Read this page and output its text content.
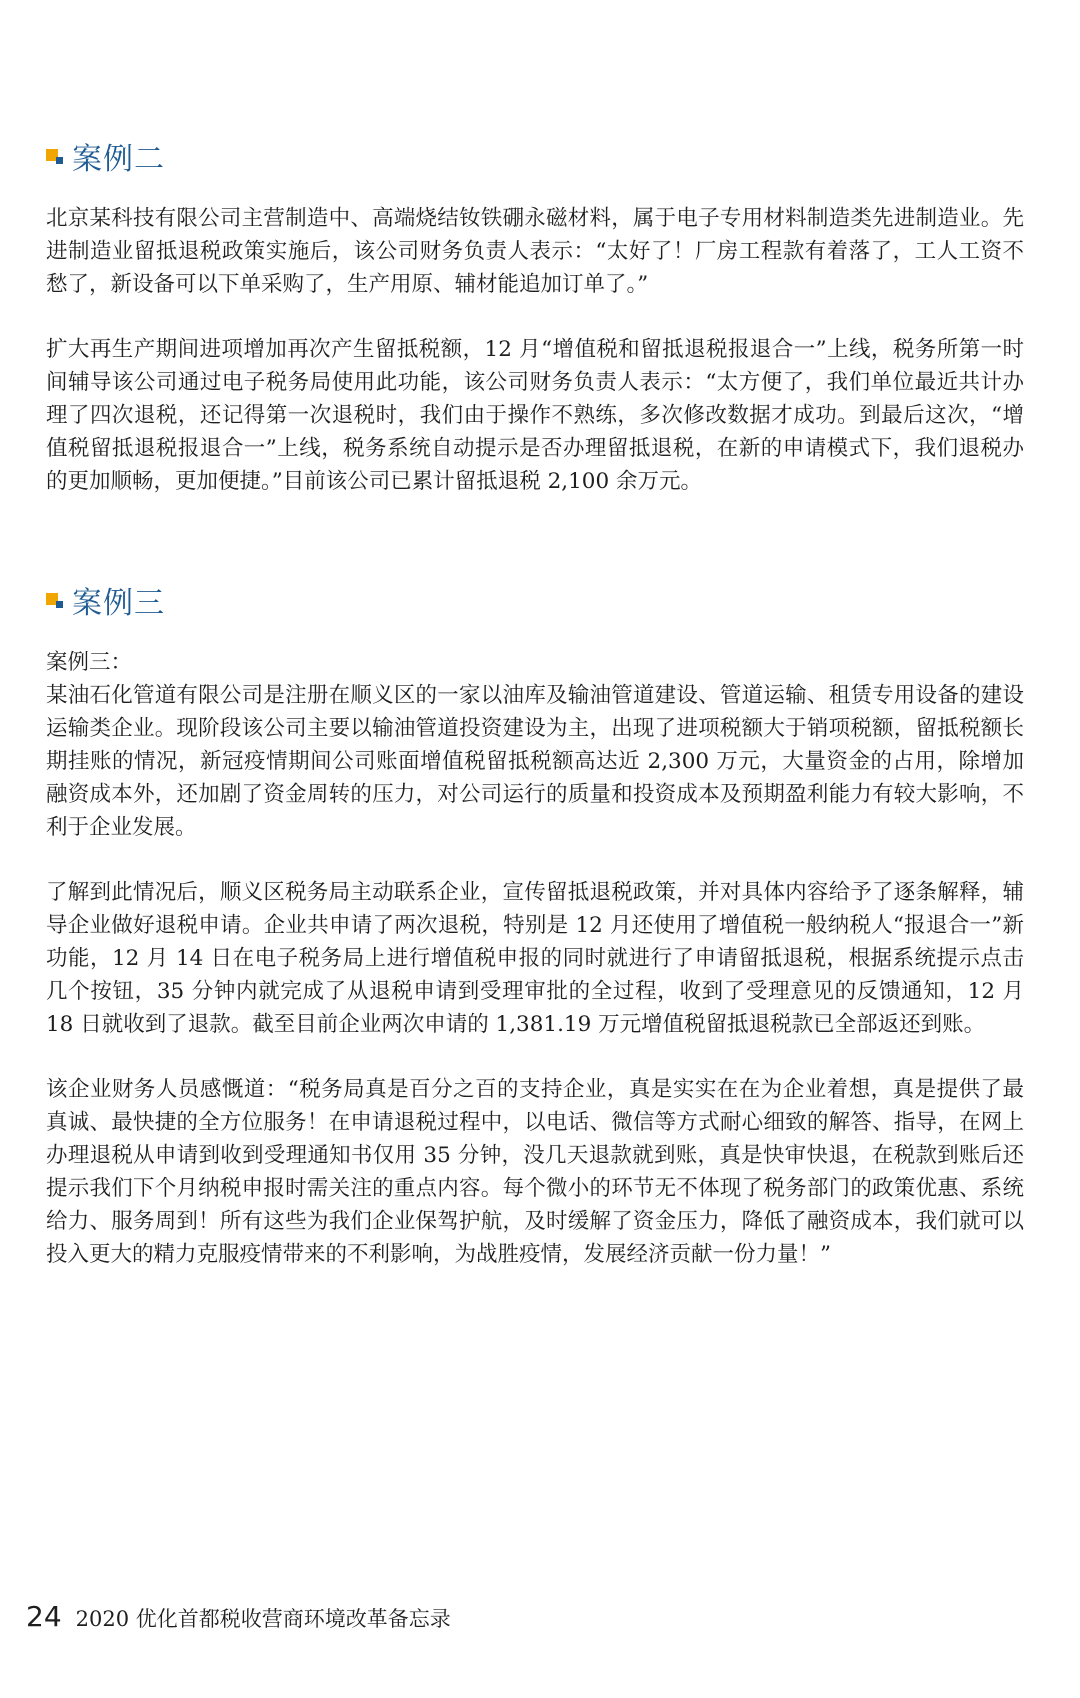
案例二

北京某科技有限公司主营制造中、高端烧结钕铁硼永磁材料，属于电子专用材料制造类先进制造业。先进制造业留抵退税政策实施后，该公司财务负责人表示：“太好了！厂房工程款有着落了，工人工资不愁了，新设备可以下单采购了，生产用原、辅材能追加订单了。”

扩大再生产期间进项增加再次产生留抵税额，12 月“增值税和留抵退税报退合一”上线，税务所第一时间辅导该公司通过电子税务局使用此功能，该公司财务负责人表示：“太方便了，我们单位最近共计办理了四次退税，还记得第一次退税时，我们由于操作不熟练，多次修改数据才成功。到最后这次，“增值税留抵退税报退合一”上线，税务系统自动提示是否办理留抵退税，在新的申请模式下，我们退税办的更加顺畅，更加便捷。”目前该公司已累计留抵退税 2,100 余万元。

案例三

案例三：

某油石化管道有限公司是注册在顺义区的一家以油库及输油管道建设、管道运输、租赁专用设备的建设运输类企业。现阶段该公司主要以输油管道投资建设为主，出现了进项税额大于销项税额，留抵税额长期挂账的情况，新冠疫情期间公司账面增值税留抵税额高达近 2,300 万元，大量资金的占用，除增加融资成本外，还加剧了资金周转的压力，对公司运行的质量和投资成本及预期盈利能力有较大影响，不利于企业发展。

了解到此情况后，顺义区税务局主动联系企业，宣传留抵退税政策，并对具体内容给予了逐条解释，辅导企业做好退税申请。企业共申请了两次退税，特别是 12 月还使用了增值税一般纳税人“报退合一”新功能，12 月 14 日在电子税务局上进行增值税申报的同时就进行了申请留抵退税，根据系统提示点击几个按钮，35 分钟内就完成了从退税申请到受理审批的全过程，收到了受理意见的反馈通知，12 月 18 日就收到了退款。截至目前企业两次申请的 1,381.19 万元增值税留抵退税款已全部返还到账。

该企业财务人员感慨道：“税务局真是百分之百的支持企业，真是实实在在为企业着想，真是提供了最真诚、最快捷的全方位服务！在申请退税过程中，以电话、微信等方式耐心细致的解答、指导，在网上办理退税从申请到收到受理通知书仅用 35 分钟，没几天退款就到账，真是快审快退，在税款到账后还提示我们下个月纳税申报时需关注的重点内容。每个微小的环节无不体现了税务部门的政策优惠、系统给力、服务周到！所有这些为我们企业保驾护航，及时缓解了资金压力，降低了融资成本，我们就可以投入更大的精力克服疫情带来的不利影响，为战胜疫情，发展经济贡献一份力量！”

24 2020 优化首都税收营商环境改革备忘录
